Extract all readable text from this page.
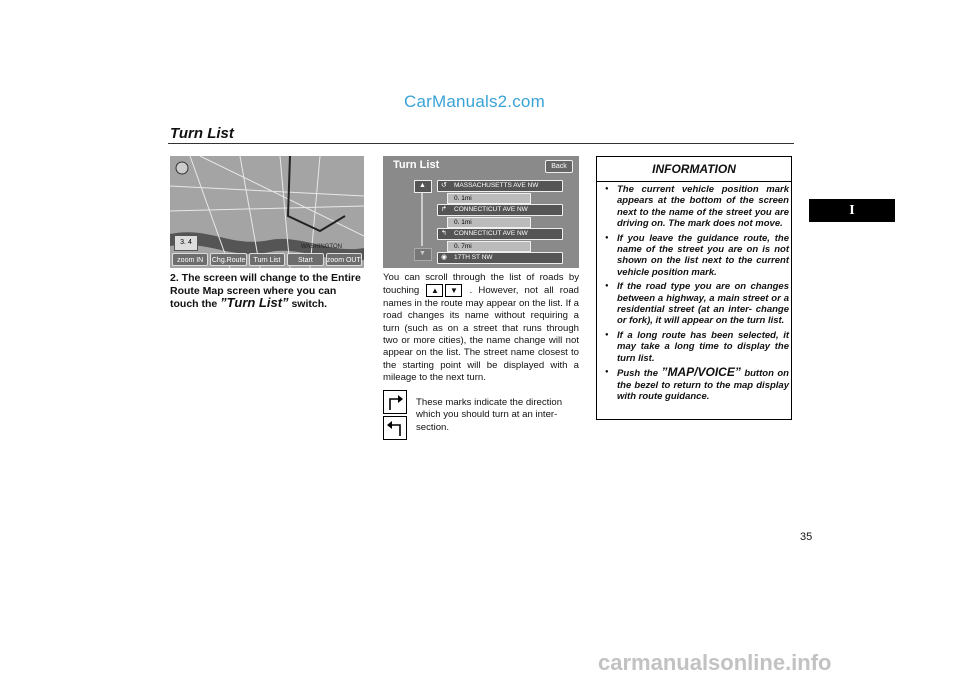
CarManuals2.com
Turn List
3. 4
WASHINGTON
zoom IN	Chg.Route	Turn List	Start	zoom OUT
2. The screen will change to the Entire Route Map screen where you can touch the ”Turn List” switch.
Turn List	Back
▲
▼
↺	MASSACHUSETTS AVE NW
0. 1mi
↱	CONNECTICUT AVE NW
0. 1mi
↰	CONNECTICUT AVE NW
0. 7mi
◉ 17TH ST NW
You can scroll through the list of roads by touching ▲ ▼ . However, not all road names in the route may appear on the list. If a road changes its name without requiring a turn (such as on a street that runs through two or more cities), the name change will not appear on the list. The street name closest to the starting point will be displayed with a mileage to the next turn.
These marks indicate the direction which you should turn at an inter- section.
INFORMATION
● The current vehicle position mark appears at the bottom of the screen next to the name of the street you are driving on. The mark does not move.
● If you leave the guidance route, the name of the street you are on is not shown on the list next to the current vehicle position mark.
● If the road type you are on changes between a highway, a main street or a residential street (at an inter- change or fork), it will appear on the turn list.
● If a long route has been selected, it may take a long time to display the turn list.
● Push the ”MAP/VOICE” button on the bezel to return to the map display with route guidance.
I
35
carmanualsonline.info
